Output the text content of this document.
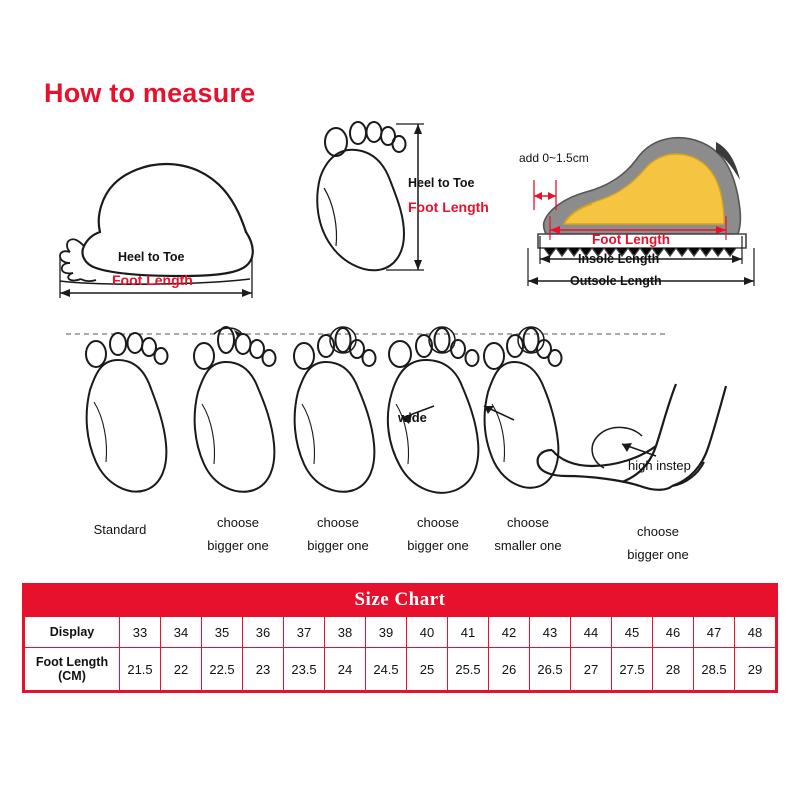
How to measure
Heel to Toe
Foot Length
Heel to Toe
Foot Length
add 0~1.5cm
Foot Length
Insole Length
Outsole Length
Standard	choose
bigger one
choose
bigger one
wide
choose
bigger one
choose
smaller one
high instep
choose
bigger one
Size Chart
Display	33	34	35	36	37	38	39	40	41	42	43	44	45	46	47	48

Foot Length
(CM)	21.5	22	22.5	23	23.5	24	24.5	25	25.5	26	26.5	27	27.5	28	28.5	29
